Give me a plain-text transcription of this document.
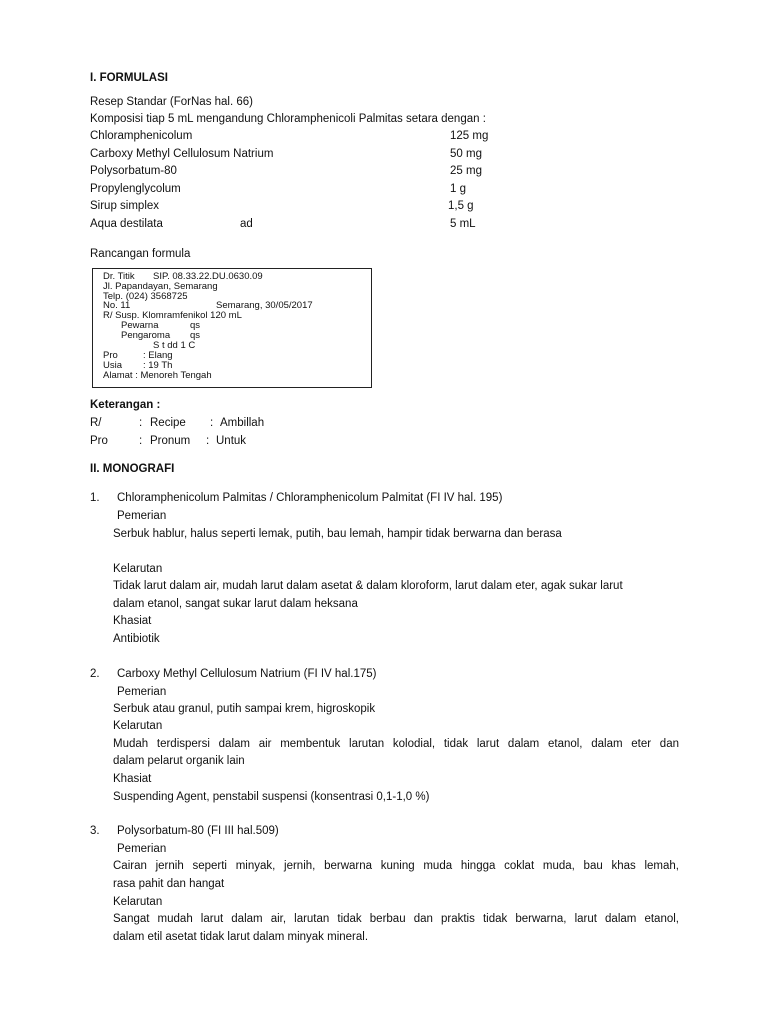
I. FORMULASI
Resep Standar (ForNas hal. 66)
Komposisi tiap 5 mL mengandung Chloramphenicoli Palmitas setara dengan :
Chloramphenicolum	125 mg
Carboxy Methyl Cellulosum Natrium	50 mg
Polysorbatum-80	25 mg
Propylenglycolum	1 g
Sirup simplex	1,5 g
Aqua destilata	ad	5 mL
Rancangan formula
Dr. Titik SIP. 08.33.22.DU.0630.09
Jl. Papandayan, Semarang
Telp. (024) 3568725
No. 11	Semarang, 30/05/2017
R/ Susp. Klomramfenikol 120 mL
Pewarna	qs
Pengaroma qs
S t dd 1 C
Pro	: Elang
Usia : 19 Th
Alamat : Menoreh Tengah
Keterangan :
R/	: Recipe : Ambillah
Pro	: Pronum : Untuk
II. MONOGRAFI
1. Chloramphenicolum Palmitas / Chloramphenicolum Palmitat (FI IV hal. 195)
Pemerian
Serbuk hablur, halus seperti lemak, putih, bau lemah, hampir tidak berwarna dan berasa
Kelarutan
Tidak larut dalam air, mudah larut dalam asetat & dalam kloroform, larut dalam eter, agak sukar larut
dalam etanol, sangat sukar larut dalam heksana
Khasiat
Antibiotik
2. Carboxy Methyl Cellulosum Natrium (FI IV hal.175)
Pemerian
Serbuk atau granul, putih sampai krem, higroskopik
Kelarutan
Mudah terdispersi dalam air membentuk larutan kolodial, tidak larut dalam etanol, dalam eter dan
dalam pelarut organik lain
Khasiat
Suspending Agent, penstabil suspensi (konsentrasi 0,1-1,0 %)
3. Polysorbatum-80 (FI III hal.509)
Pemerian
Cairan jernih seperti minyak, jernih, berwarna kuning muda hingga coklat muda, bau khas lemah,
rasa pahit dan hangat
Kelarutan
Sangat mudah larut dalam air, larutan tidak berbau dan praktis tidak berwarna, larut dalam etanol,
dalam etil asetat tidak larut dalam minyak mineral.
